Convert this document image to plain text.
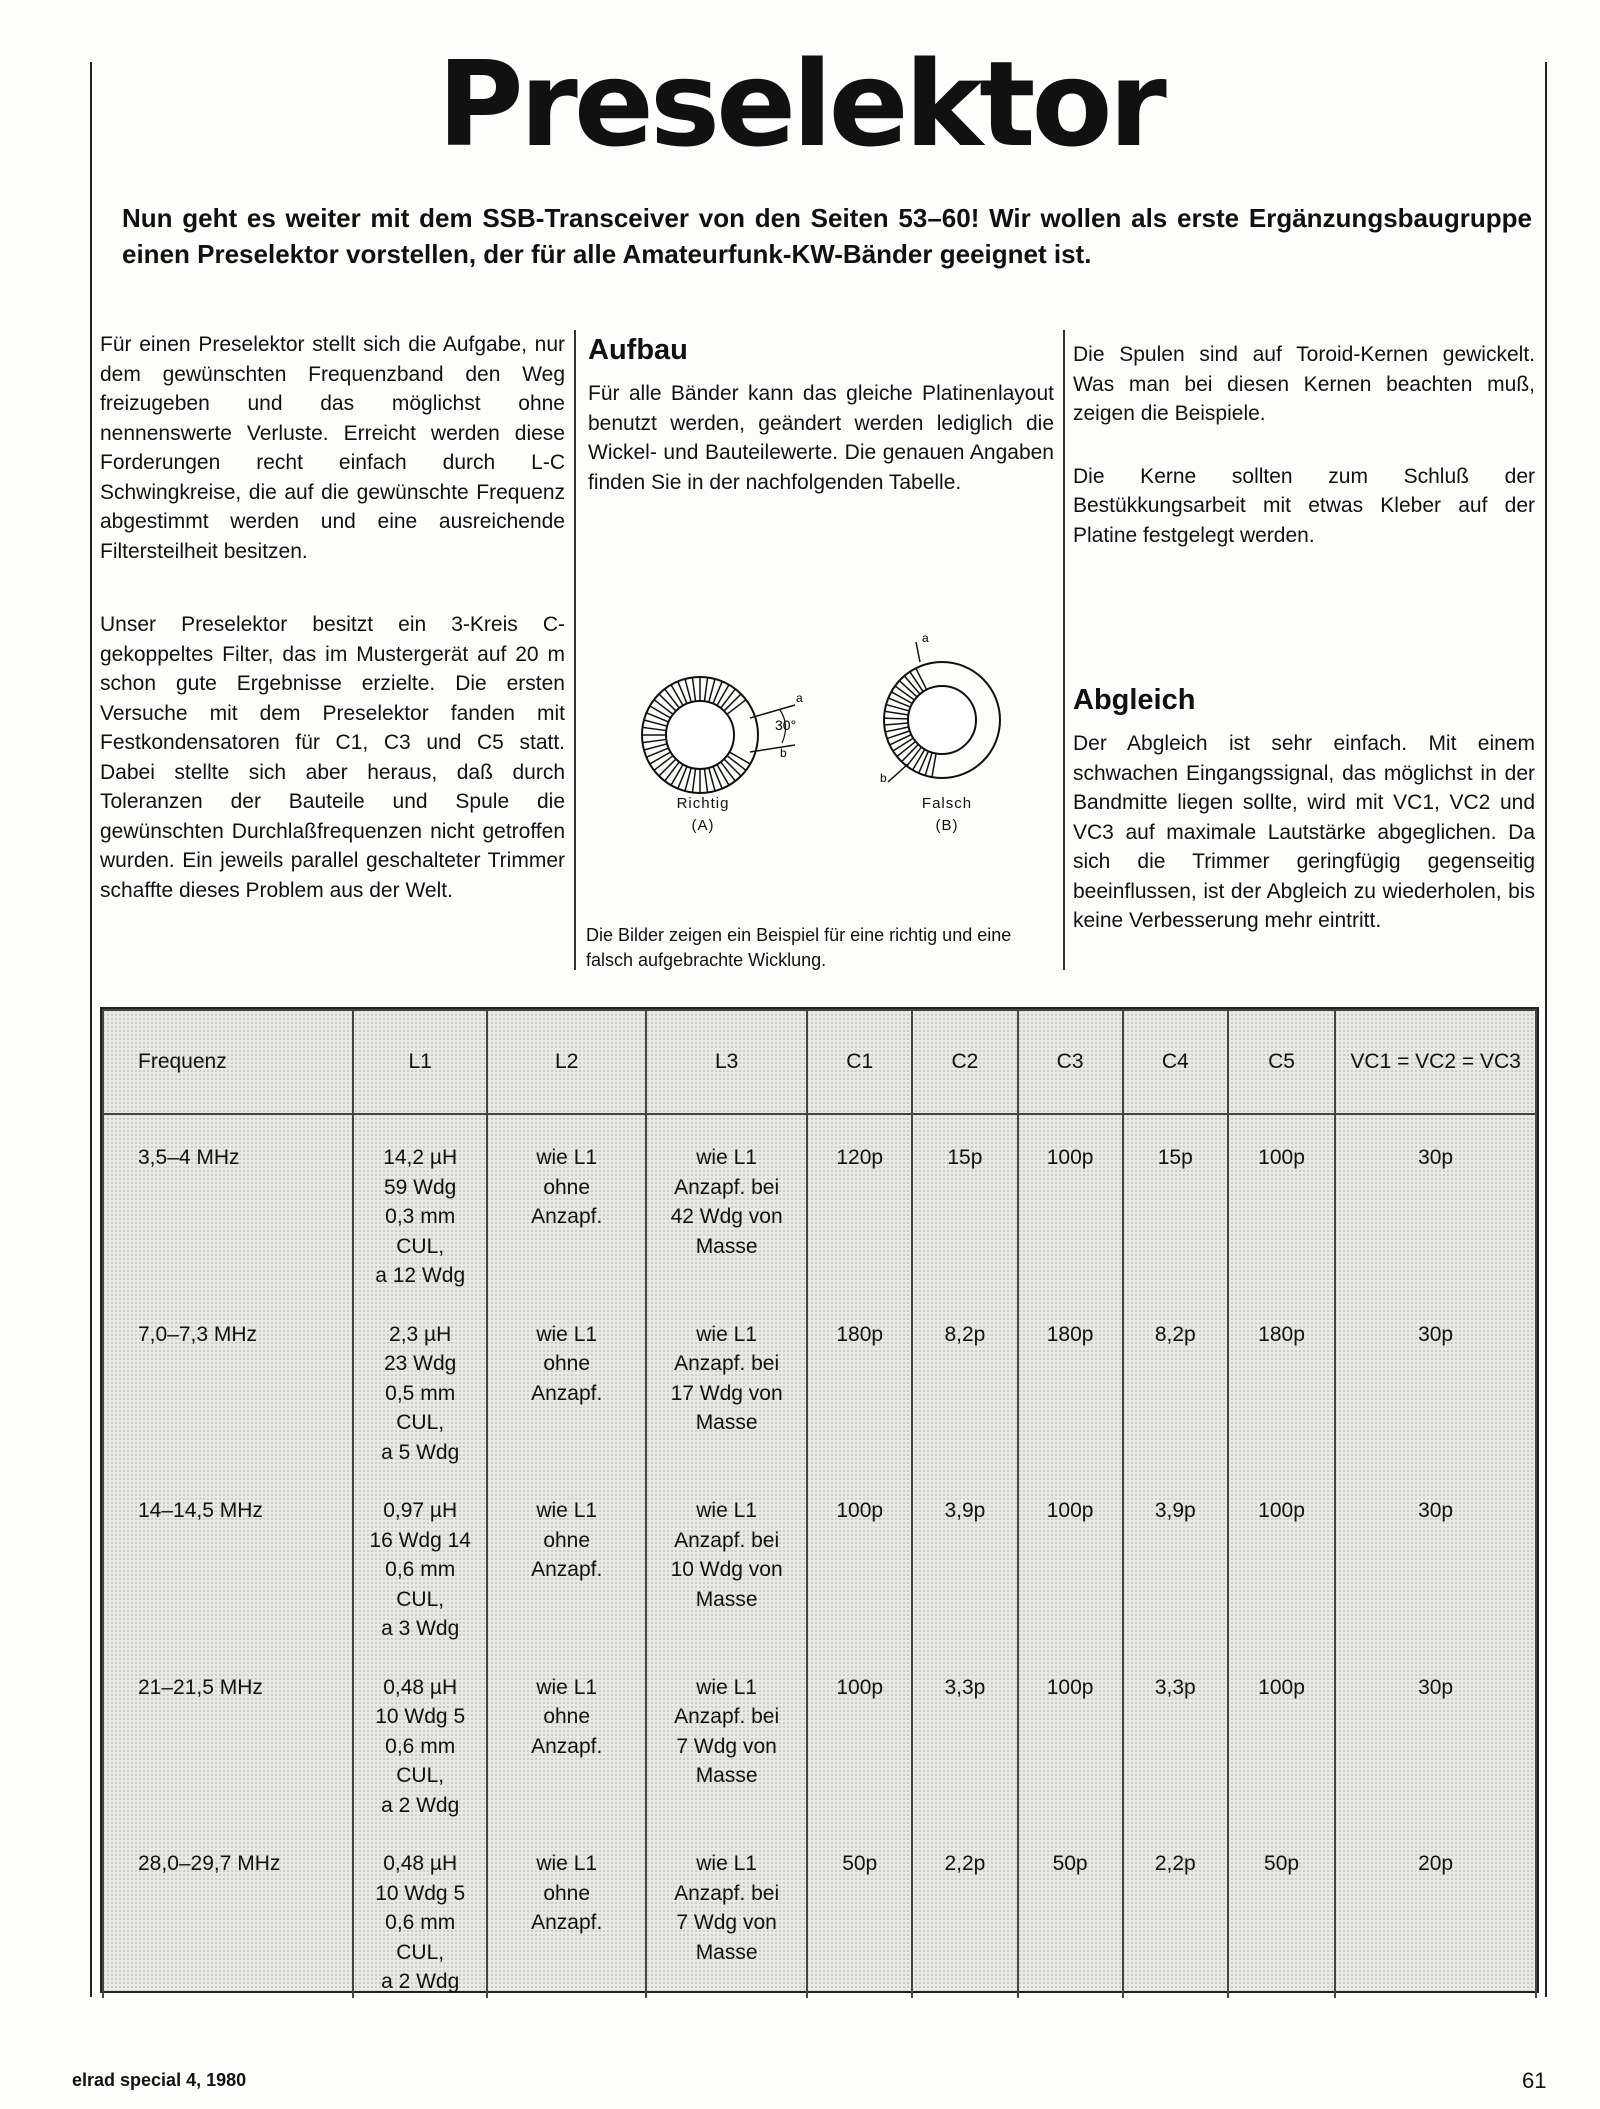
Preselektor
Nun geht es weiter mit dem SSB-Transceiver von den Seiten 53–60! Wir wollen als erste Ergänzungsbaugruppe einen Preselektor vorstellen, der für alle Amateurfunk-KW-Bänder geeignet ist.

Für einen Preselektor stellt sich die Aufgabe, nur dem gewünschten Frequenzband den Weg freizugeben und das möglichst ohne nennenswerte Verluste. Erreicht werden diese Forderungen recht einfach durch L-C Schwingkreise, die auf die gewünschte Frequenz abgestimmt werden und eine ausreichende Filtersteilheit besitzen.

Unser Preselektor besitzt ein 3-Kreis C-gekoppeltes Filter, das im Mustergerät auf 20 m schon gute Ergebnisse erzielte. Die ersten Versuche mit dem Preselektor fanden mit Festkondensatoren für C1, C3 und C5 statt. Dabei stellte sich aber heraus, daß durch Toleranzen der Bauteile und Spule die gewünschten Durchlaßfrequenzen nicht getroffen wurden. Ein jeweils parallel geschalteter Trimmer schaffte dieses Problem aus der Welt.

Aufbau

Für alle Bänder kann das gleiche Platinenlayout benutzt werden, geändert werden lediglich die Wickel- und Bauteilewerte. Die genauen Angaben finden Sie in der nachfolgenden Tabelle.

30°
a
b
a
b
Richtig
(A)
Falsch
(B)
Die Bilder zeigen ein Beispiel für eine richtig und eine falsch aufgebrachte Wicklung.

Die Spulen sind auf Toroid-Kernen gewickelt. Was man bei diesen Kernen beachten muß, zeigen die Beispiele.

Die Kerne sollten zum Schluß der Bestükkungsarbeit mit etwas Kleber auf der Platine festgelegt werden.

Abgleich

Der Abgleich ist sehr einfach. Mit einem schwachen Eingangssignal, das möglichst in der Bandmitte liegen sollte, wird mit VC1, VC2 und VC3 auf maximale Lautstärke abgeglichen. Da sich die Trimmer geringfügig gegenseitig beeinflussen, ist der Abgleich zu wiederholen, bis keine Verbesserung mehr eintritt.

Frequenz	L1	L2	L3	C1	C2	C3	C4	C5	VC1 = VC2 = VC3
3,5–4 MHz	14,2 µH
59 Wdg
0,3 mm
CUL,
a 12 Wdg	wie L1
ohne
Anzapf.	wie L1
Anzapf. bei
42 Wdg von
Masse	120p	15p	100p	15p	100p	30p
7,0–7,3 MHz	2,3 µH
23 Wdg
0,5 mm
CUL,
a 5 Wdg	wie L1
ohne
Anzapf.	wie L1
Anzapf. bei
17 Wdg von
Masse	180p	8,2p	180p	8,2p	180p	30p
14–14,5 MHz	0,97 µH
16 Wdg 14
0,6 mm
CUL,
a 3 Wdg	wie L1
ohne
Anzapf.	wie L1
Anzapf. bei
10 Wdg von
Masse	100p	3,9p	100p	3,9p	100p	30p
21–21,5 MHz	0,48 µH
10 Wdg 5
0,6 mm
CUL,
a 2 Wdg	wie L1
ohne
Anzapf.	wie L1
Anzapf. bei
7 Wdg von
Masse	100p	3,3p	100p	3,3p	100p	30p
28,0–29,7 MHz	0,48 µH
10 Wdg 5
0,6 mm
CUL,
a 2 Wdg	wie L1
ohne
Anzapf.	wie L1
Anzapf. bei
7 Wdg von
Masse	50p	2,2p	50p	2,2p	50p	20p
elrad special 4, 1980	61
